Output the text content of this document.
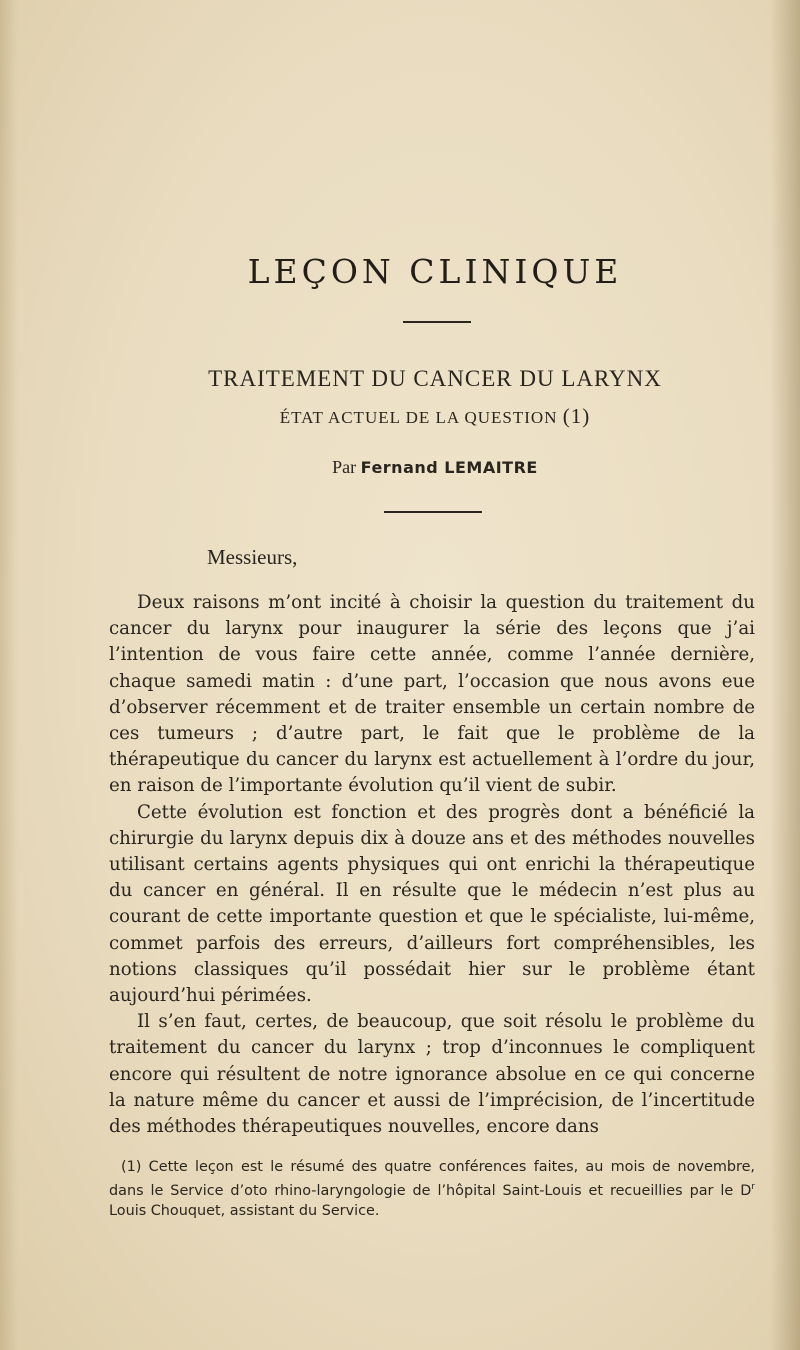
LEÇON CLINIQUE
TRAITEMENT DU CANCER DU LARYNX
ÉTAT ACTUEL DE LA QUESTION (1)
Par Fernand LEMAITRE
Messieurs,

Deux raisons m’ont incité à choisir la question du traitement du cancer du larynx pour inaugurer la série des leçons que j’ai l’intention de vous faire cette année, comme l’année dernière, chaque samedi matin : d’une part, l’occasion que nous avons eue d’observer récemment et de traiter ensemble un certain nombre de ces tumeurs ; d’autre part, le fait que le problème de la thérapeutique du cancer du larynx est actuellement à l’ordre du jour, en raison de l’importante évolution qu’il vient de subir.

Cette évolution est fonction et des progrès dont a bénéficié la chirurgie du larynx depuis dix à douze ans et des méthodes nouvelles utilisant certains agents physiques qui ont enrichi la thérapeutique du cancer en général. Il en résulte que le médecin n’est plus au courant de cette importante question et que le spécialiste, lui-même, commet parfois des erreurs, d’ailleurs fort compréhensibles, les notions classiques qu’il possédait hier sur le problème étant aujourd’hui périmées.

Il s’en faut, certes, de beaucoup, que soit résolu le problème du traitement du cancer du larynx ; trop d’inconnues le compliquent encore qui résultent de notre ignorance absolue en ce qui concerne la nature même du cancer et aussi de l’imprécision, de l’incertitude des méthodes thérapeutiques nouvelles, encore dans

(1) Cette leçon est le résumé des quatre conférences faites, au mois de novembre, dans le Service d’oto rhino-laryngologie de l’hôpital Saint-Louis et recueillies par le $D^r$ Louis Chouquet, assistant du Service.
